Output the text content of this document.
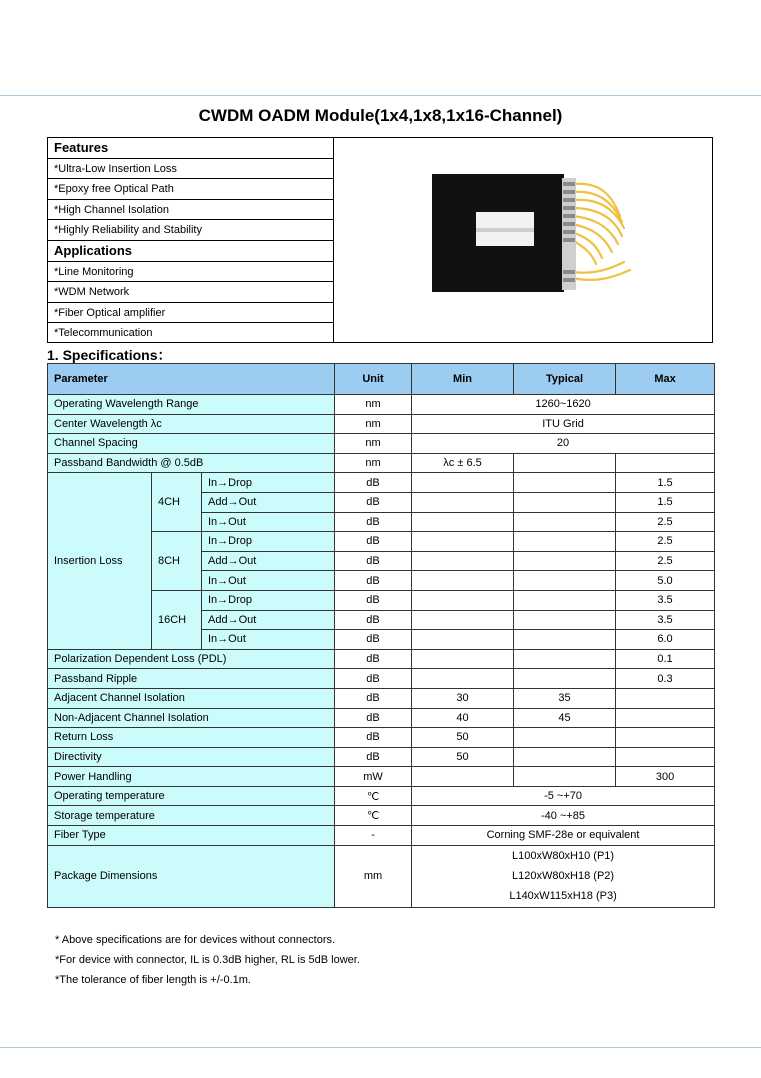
CWDM OADM Module(1x4,1x8,1x16-Channel)
Features
*Ultra-Low Insertion Loss
*Epoxy free Optical Path
*High Channel Isolation
*Highly Reliability and Stability
Applications
*Line Monitoring
*WDM Network
*Fiber Optical amplifier
*Telecommunication
1. Specifications：
Parameter			Unit	Min	Typical	Max
Operating Wavelength Range			nm	1260~1620		
Center Wavelength λc			nm	ITU Grid		
Channel Spacing			nm	20		
Passband Bandwidth @ 0.5dB			nm	λc ± 6.5		
Insertion Loss	4CH	In→Drop	dB			1.5
		Add→Out	dB			1.5
		In→Out	dB			2.5
	8CH	In→Drop	dB			2.5
		Add→Out	dB			2.5
		In→Out	dB			5.0
	16CH	In→Drop	dB			3.5
		Add→Out	dB			3.5
		In→Out	dB			6.0
Polarization Dependent Loss (PDL)			dB			0.1
Passband Ripple			dB			0.3
Adjacent Channel Isolation			dB	30	35	
Non-Adjacent Channel Isolation			dB	40	45	
Return Loss			dB	50		
Directivity			dB	50		
Power Handling			mW			300
Operating temperature			℃	-5 ~+70		
Storage temperature			℃	-40 ~+85		
Fiber Type			-	Corning SMF-28e or equivalent		
Package Dimensions			mm	L100xW80xH10 (P1)
L120xW80xH18 (P2)
L140xW115xH18 (P3)		
* Above specifications are for devices without connectors.
*For device with connector, IL is 0.3dB higher, RL is 5dB lower.
*The tolerance of fiber length is +/-0.1m.
